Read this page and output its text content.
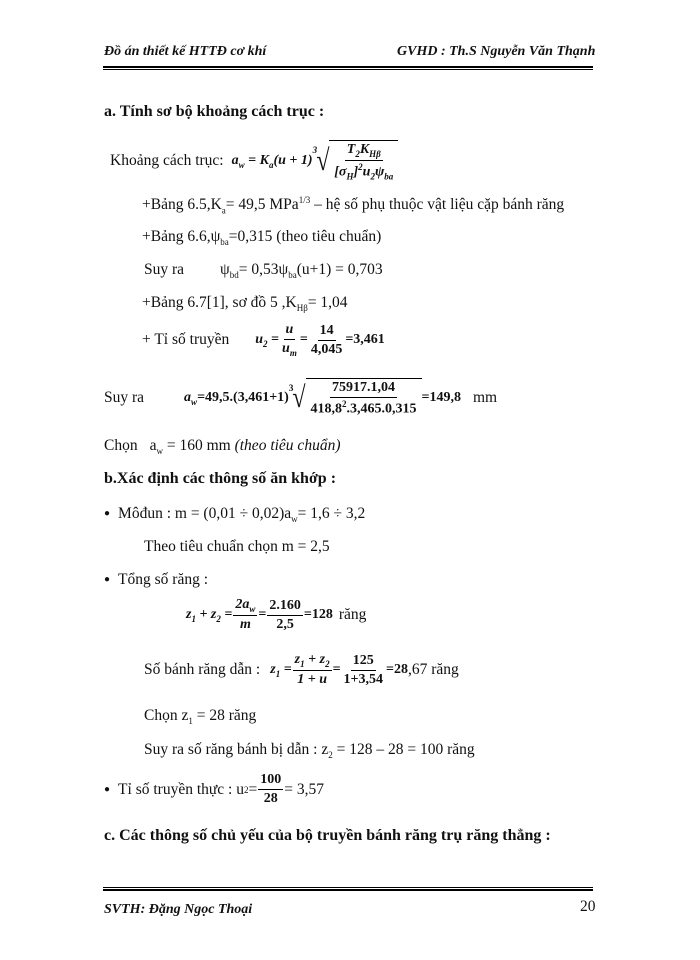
Đồ án thiết kế HTTĐ cơ khí	GVHD : Th.S Nguyễn Văn Thạnh
a. Tính sơ bộ khoảng cách trục :
Khoảng cách trục: $a_w = K_a(u + 1)$
3 √ $\frac{T_2K_{H\beta}}{[\sigma_H]^2u_2\psi_{ba}}$
+Bảng $6.5,K_a= 49,5$ MPa$^{1/3}$ – hệ số phụ thuộc vật liệu cặp bánh răng
+Bảng $6.6,\psi_{ba}=0,315$ (theo tiêu chuẩn)
Suy ra $\psi_{bd}= 0,53\psi_{ba}(u+1) = 0,703$
+Bảng 6.7[1], sơ đồ 5 $,K_{H\beta}= 1,04$
+ Tỉ số truyền $u_2 = \frac{u}{u_m} = \frac{14}{4,045} =3,461$
Suy ra	$a_w =49,5.(3,461+1)$
3 √ $\frac{75917.1,04}{418,8^2.3,465.0,315} =149,8$ mm
Chọn $a_w = 160$ mm (theo tiêu chuẩn)
b.Xác định các thông số ăn khớp :
● Môđun : $m = (0,01 \div 0,02)a_w= 1,6 \div 3,2$
Theo tiêu chuẩn chọn m = 2,5
● Tổng số răng :
$z_1 + z_2 = \frac{2a_w}{m} = \frac{2.160}{2,5} =128$ răng
Số bánh răng dẫn : $z_1 = \frac{z_1 + z_2}{1 + u} = \frac{125}{1+3,54} =28$ ,67 răng
Chọn $z_1 = 28$ răng
Suy ra số răng bánh bị dẫn : $z_2 = 128 - 28 = 100$ răng
● Tỉ số truyền thực : u $2 = \frac{100}{28} = 3,57$
c. Các thông số chủ yếu của bộ truyền bánh răng trụ răng thẳng :
SVTH: Đặng Ngọc Thoại	20
